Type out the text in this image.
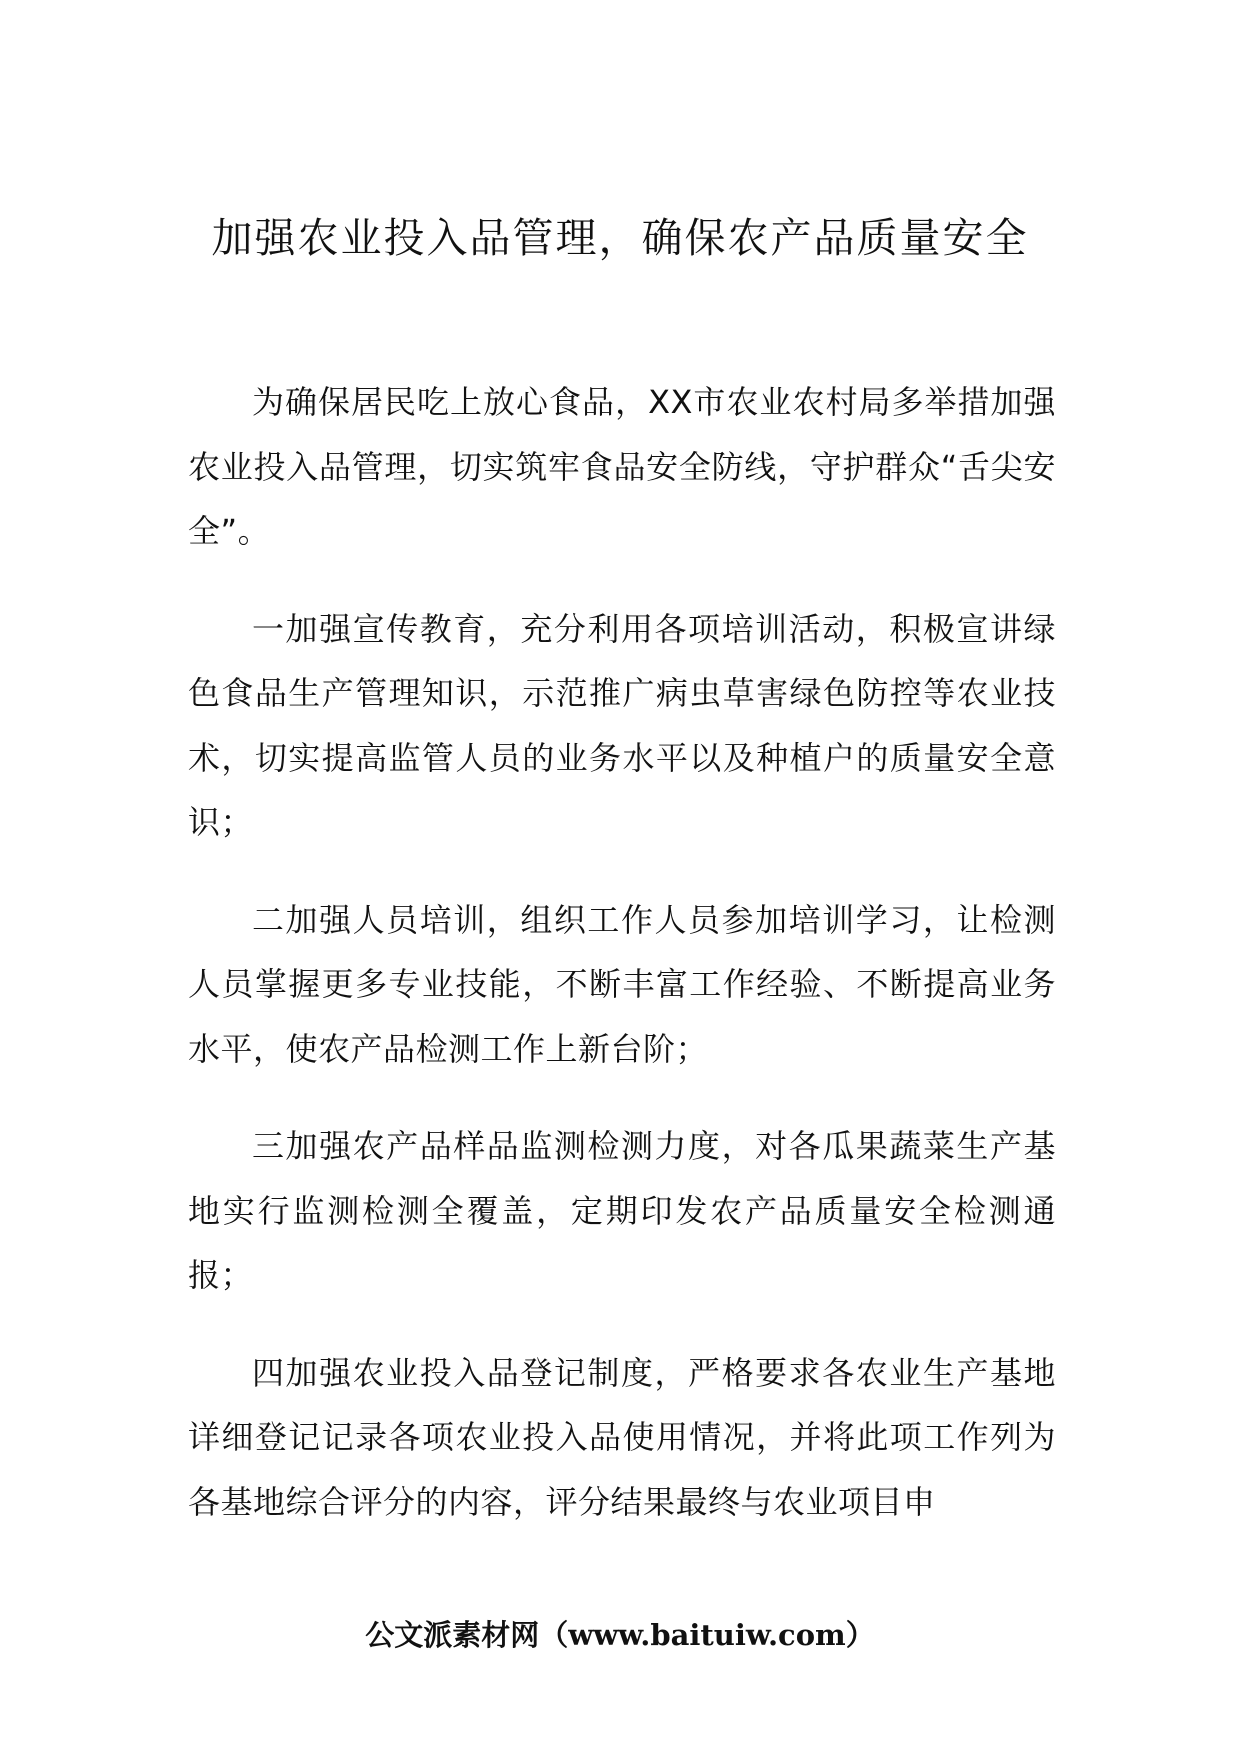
加强农业投入品管理，确保农产品质量安全

为确保居民吃上放心食品，XX市农业农村局多举措加强农业投入品管理，切实筑牢食品安全防线，守护群众“舌尖安全”。

一加强宣传教育，充分利用各项培训活动，积极宣讲绿色食品生产管理知识，示范推广病虫草害绿色防控等农业技术，切实提高监管人员的业务水平以及种植户的质量安全意识；

二加强人员培训，组织工作人员参加培训学习，让检测人员掌握更多专业技能，不断丰富工作经验、不断提高业务水平，使农产品检测工作上新台阶；

三加强农产品样品监测检测力度，对各瓜果蔬菜生产基地实行监测检测全覆盖，定期印发农产品质量安全检测通报；

四加强农业投入品登记制度，严格要求各农业生产基地详细登记记录各项农业投入品使用情况，并将此项工作列为各基地综合评分的内容，评分结果最终与农业项目申

公文派素材网（www.baituiw.com）
